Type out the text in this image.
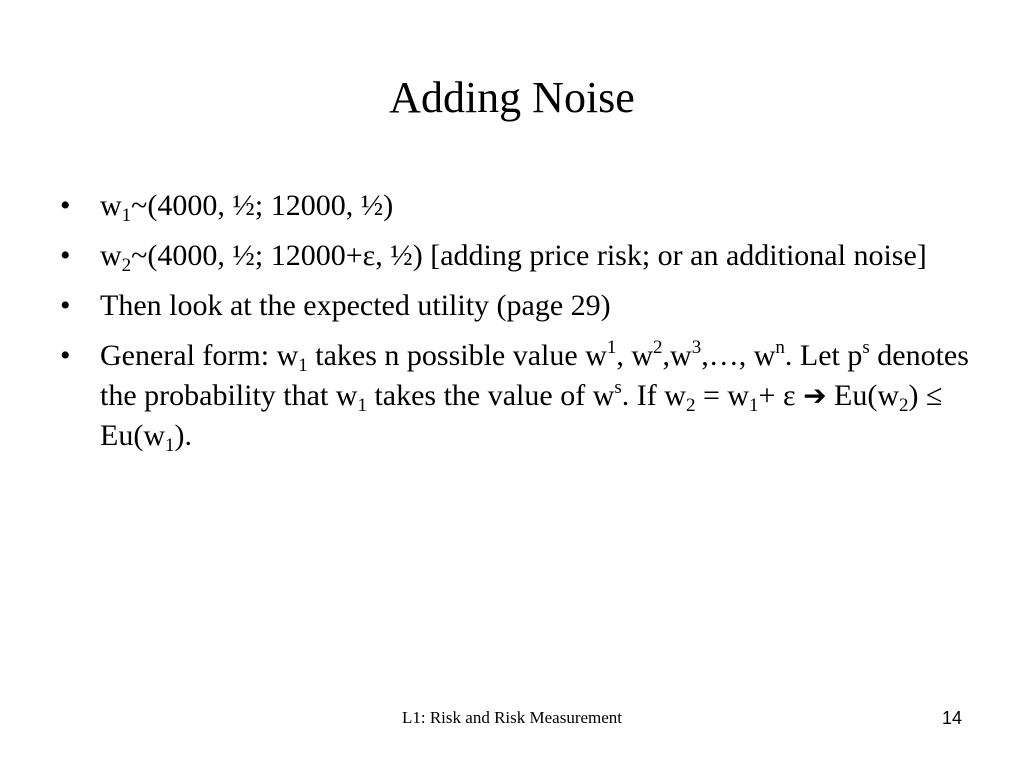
Adding Noise
• $w_1\sim(4000$, ½; 12000, ½)
• $w_2\sim(4000$, ½; 12000+ε, ½) [adding price risk; or an additional noise]
• Then look at the expected utility (page 29)
• General form: $w_1$ takes n possible value $w^1$, $w^2,w^3,\dots$, $w^n$. Let $p^s$ denotes the probability that $w_1$ takes the value of $w^s$. If $w_2 = w_1+ \varepsilon$ ➔ $Eu(w_2) \le Eu(w_1)$.
L1: Risk and Risk Measurement	14
